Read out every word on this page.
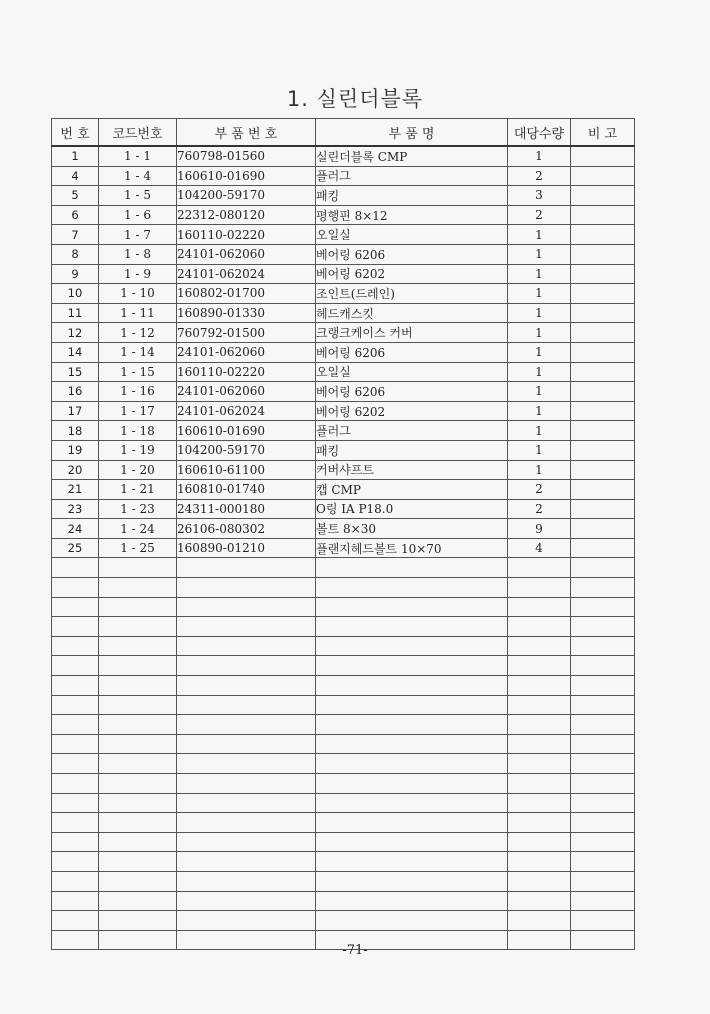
1. 실린더블록
번 호	코드번호	부 품 번 호	부 품 명	대당수량	비 고
1	1 - 1	760798-01560	실린더블록 CMP	1	
4	1 - 4	160610-01690	플러그	2	
5	1 - 5	104200-59170	패킹	3	
6	1 - 6	22312-080120	평행핀 8×12	2	
7	1 - 7	160110-02220	오일실	1	
8	1 - 8	24101-062060	베어링 6206	1	
9	1 - 9	24101-062024	베어링 6202	1	
10	1 - 10	160802-01700	조인트(드레인)	1	
11	1 - 11	160890-01330	헤드캐스킷	1	
12	1 - 12	760792-01500	크랭크케이스 커버	1	
14	1 - 14	24101-062060	베어링 6206	1	
15	1 - 15	160110-02220	오일실	1	
16	1 - 16	24101-062060	베어링 6206	1	
17	1 - 17	24101-062024	베어링 6202	1	
18	1 - 18	160610-01690	플러그	1	
19	1 - 19	104200-59170	패킹	1	
20	1 - 20	160610-61100	커버샤프트	1	
21	1 - 21	160810-01740	캡 CMP	2	
23	1 - 23	24311-000180	O링 IA P18.0	2	
24	1 - 24	26106-080302	볼트 8×30	9	
25	1 - 25	160890-01210	플랜지헤드볼트 10×70	4	

-71-
